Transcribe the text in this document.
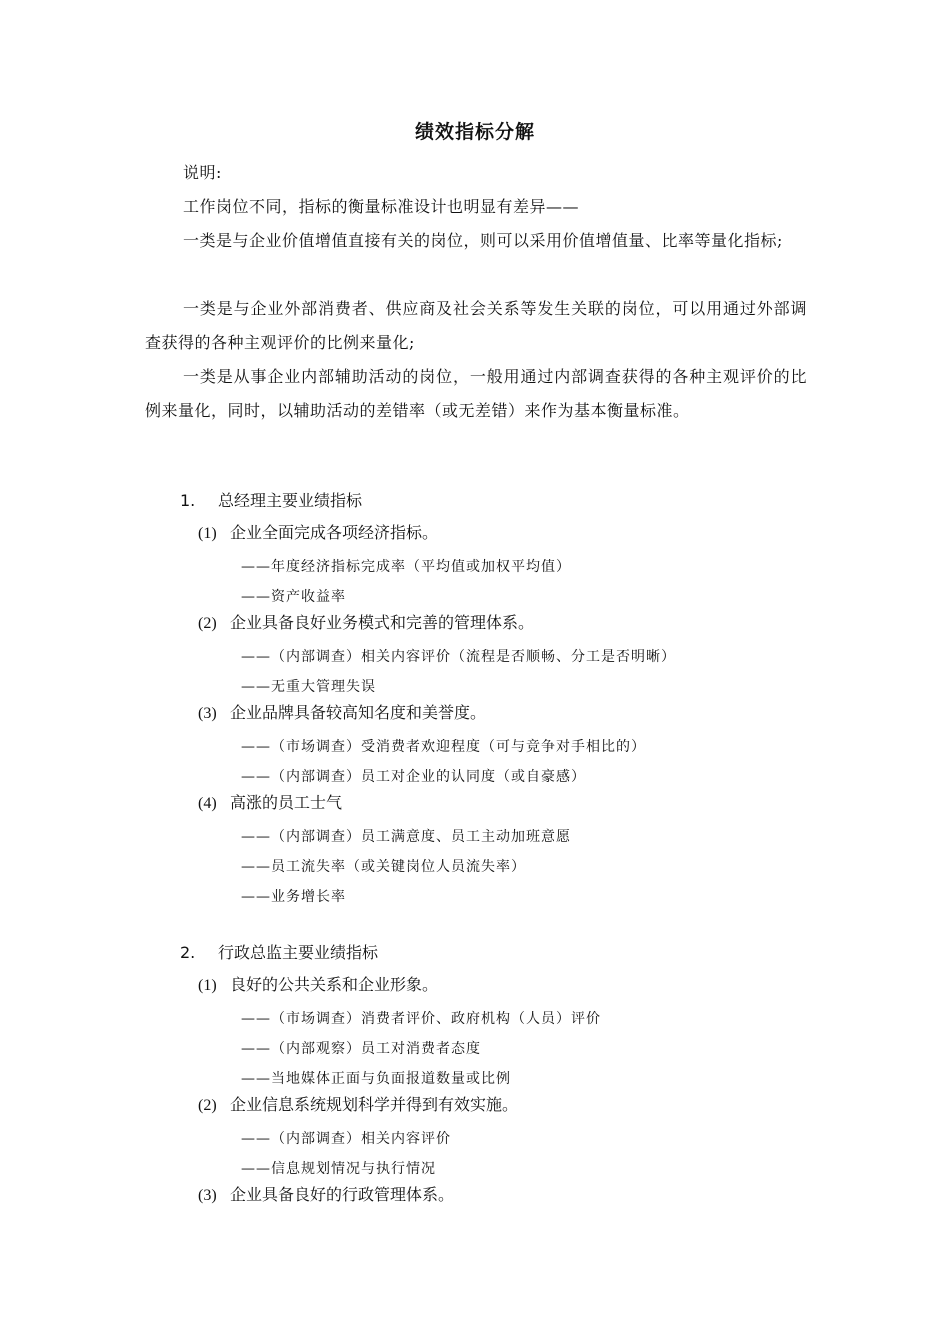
绩效指标分解
说明:
工作岗位不同，指标的衡量标准设计也明显有差异——
一类是与企业价值增值直接有关的岗位，则可以采用价值增值量、比率等量化指标;
一类是与企业外部消费者、供应商及社会关系等发生关联的岗位，可以用通过外部调查获得的各种主观评价的比例来量化;
一类是从事企业内部辅助活动的岗位，一般用通过内部调查获得的各种主观评价的比例来量化，同时，以辅助活动的差错率（或无差错）来作为基本衡量标准。
1. 总经理主要业绩指标
(1) 企业全面完成各项经济指标。
——年度经济指标完成率（平均值或加权平均值）
——资产收益率
(2) 企业具备良好业务模式和完善的管理体系。
——（内部调查）相关内容评价（流程是否顺畅、分工是否明晰）
——无重大管理失误
(3) 企业品牌具备较高知名度和美誉度。
——（市场调查）受消费者欢迎程度（可与竞争对手相比的）
——（内部调查）员工对企业的认同度（或自豪感）
(4) 高涨的员工士气
——（内部调查）员工满意度、员工主动加班意愿
——员工流失率（或关键岗位人员流失率）
——业务增长率
2. 行政总监主要业绩指标
(1) 良好的公共关系和企业形象。
——（市场调查）消费者评价、政府机构（人员）评价
——（内部观察）员工对消费者态度
——当地媒体正面与负面报道数量或比例
(2) 企业信息系统规划科学并得到有效实施。
——（内部调查）相关内容评价
——信息规划情况与执行情况
(3) 企业具备良好的行政管理体系。
